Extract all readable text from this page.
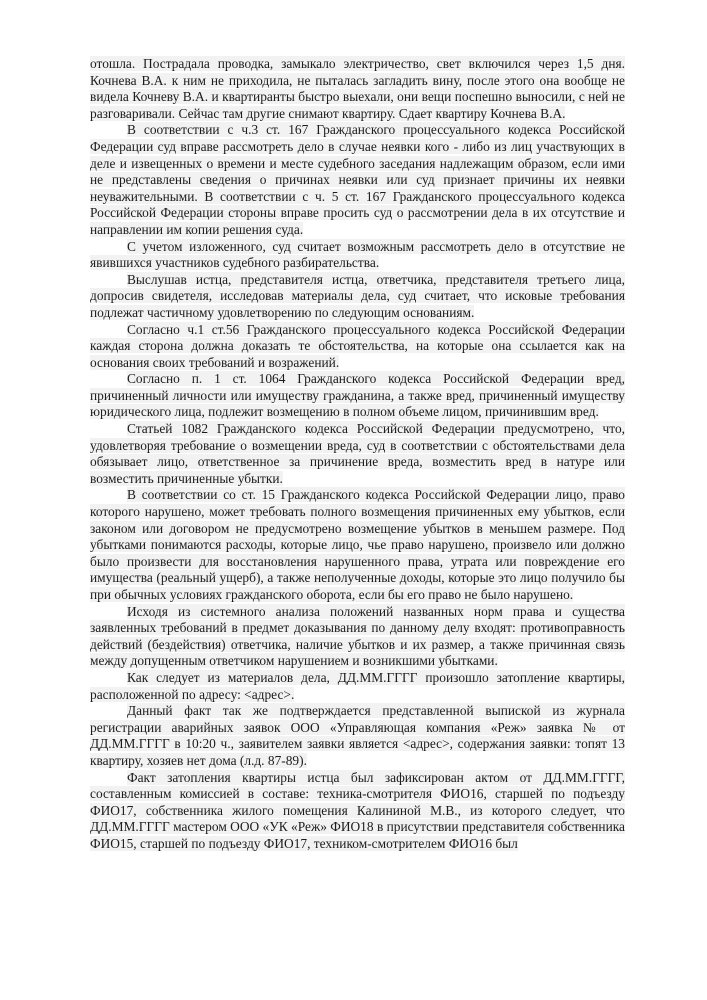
отошла. Пострадала проводка, замыкало электричество, свет включился через 1,5 дня. Кочнева В.А. к ним не приходила, не пыталась загладить вину, после этого она вообще не видела Кочневу В.А. и квартиранты быстро выехали, они вещи поспешно выносили, с ней не разговаривали. Сейчас там другие снимают квартиру. Сдает квартиру Кочнева В.А.

В соответствии с ч.3 ст. 167 Гражданского процессуального кодекса Российской Федерации суд вправе рассмотреть дело в случае неявки кого - либо из лиц участвующих в деле и извещенных о времени и месте судебного заседания надлежащим образом, если ими не представлены сведения о причинах неявки или суд признает причины их неявки неуважительными. В соответствии с ч. 5 ст. 167 Гражданского процессуального кодекса Российской Федерации стороны вправе просить суд о рассмотрении дела в их отсутствие и направлении им копии решения суда.

С учетом изложенного, суд считает возможным рассмотреть дело в отсутствие не явившихся участников судебного разбирательства.

Выслушав истца, представителя истца, ответчика, представителя третьего лица, допросив свидетеля, исследовав материалы дела, суд считает, что исковые требования подлежат частичному удовлетворению по следующим основаниям.

Согласно ч.1 ст.56 Гражданского процессуального кодекса Российской Федерации каждая сторона должна доказать те обстоятельства, на которые она ссылается как на основания своих требований и возражений.

Согласно п. 1 ст. 1064 Гражданского кодекса Российской Федерации вред, причиненный личности или имуществу гражданина, а также вред, причиненный имуществу юридического лица, подлежит возмещению в полном объеме лицом, причинившим вред.

Статьей 1082 Гражданского кодекса Российской Федерации предусмотрено, что, удовлетворяя требование о возмещении вреда, суд в соответствии с обстоятельствами дела обязывает лицо, ответственное за причинение вреда, возместить вред в натуре или возместить причиненные убытки.

В соответствии со ст. 15 Гражданского кодекса Российской Федерации лицо, право которого нарушено, может требовать полного возмещения причиненных ему убытков, если законом или договором не предусмотрено возмещение убытков в меньшем размере. Под убытками понимаются расходы, которые лицо, чье право нарушено, произвело или должно было произвести для восстановления нарушенного права, утрата или повреждение его имущества (реальный ущерб), а также неполученные доходы, которые это лицо получило бы при обычных условиях гражданского оборота, если бы его право не было нарушено.

Исходя из системного анализа положений названных норм права и существа заявленных требований в предмет доказывания по данному делу входят: противоправность действий (бездействия) ответчика, наличие убытков и их размер, а также причинная связь между допущенным ответчиком нарушением и возникшими убытками.

Как следует из материалов дела, ДД.ММ.ГГГГ произошло затопление квартиры, расположенной по адресу: <адрес>.

Данный факт так же подтверждается представленной выпиской из журнала регистрации аварийных заявок ООО «Управляющая компания «Реж» заявка № от ДД.ММ.ГГГГ в 10:20 ч., заявителем заявки является <адрес>, содержания заявки: топят 13 квартиру, хозяев нет дома (л.д. 87-89).

Факт затопления квартиры истца был зафиксирован актом от ДД.ММ.ГГГГ, составленным комиссией в составе: техника-смотрителя ФИО16, старшей по подъезду ФИО17, собственника жилого помещения Калининой М.В., из которого следует, что ДД.ММ.ГГГГ мастером ООО «УК «Реж» ФИО18 в присутствии представителя собственника ФИО15, старшей по подъезду ФИО17, техником-смотрителем ФИО16 был
